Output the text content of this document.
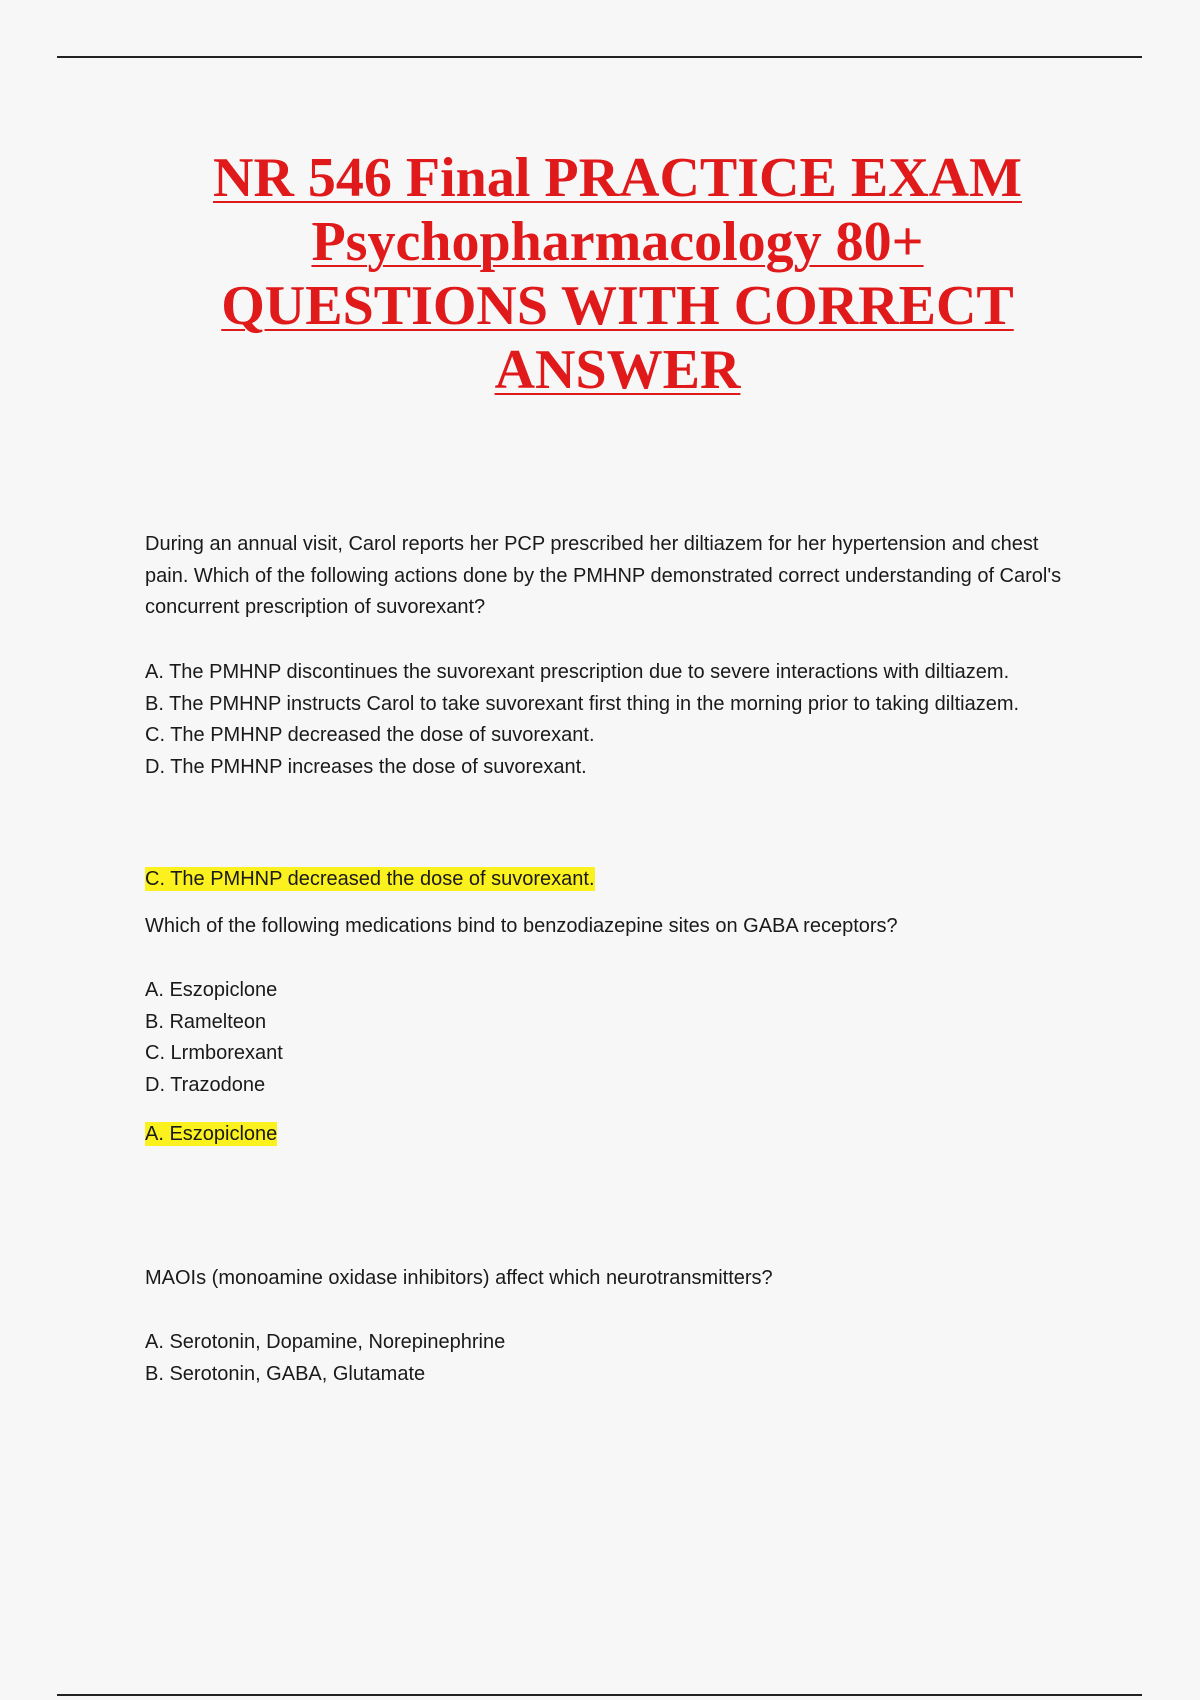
NR 546 Final PRACTICE EXAM
Psychopharmacology 80+
QUESTIONS WITH CORRECT
ANSWER

During an annual visit, Carol reports her PCP prescribed her diltiazem for her hypertension and chest pain. Which of the following actions done by the PMHNP demonstrated correct understanding of Carol's concurrent prescription of suvorexant?

A. The PMHNP discontinues the suvorexant prescription due to severe interactions with diltiazem.
B. The PMHNP instructs Carol to take suvorexant first thing in the morning prior to taking diltiazem.
C. The PMHNP decreased the dose of suvorexant.
D. The PMHNP increases the dose of suvorexant.
C. The PMHNP decreased the dose of suvorexant.

Which of the following medications bind to benzodiazepine sites on GABA receptors?

A. Eszopiclone
B. Ramelteon
C. Lrmborexant
D. Trazodone
A. Eszopiclone

MAOIs (monoamine oxidase inhibitors) affect which neurotransmitters?

A. Serotonin, Dopamine, Norepinephrine
B. Serotonin, GABA, Glutamate
